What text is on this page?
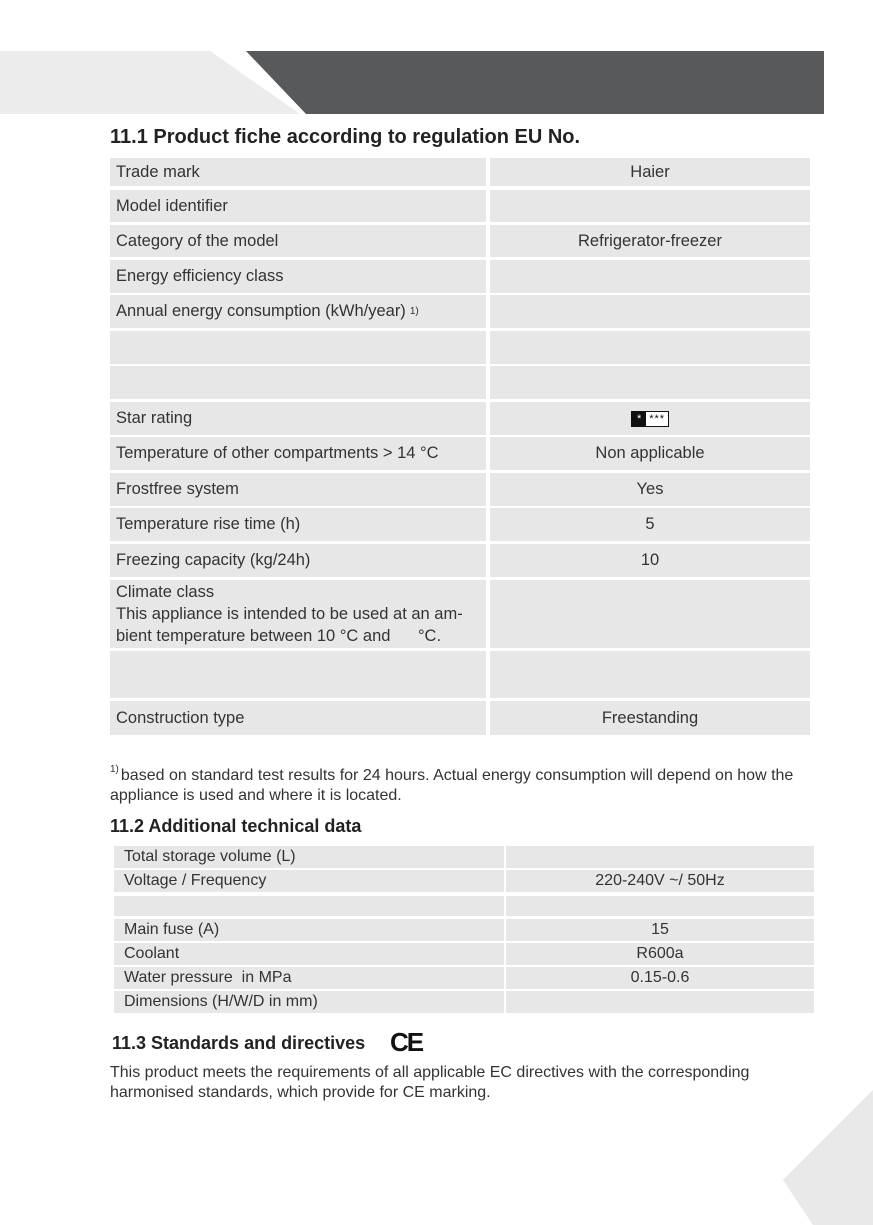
11.1 Product fiche according to regulation EU No.
Trade mark	Haier
Model identifier
Category of the model	Refrigerator-freezer
Energy efficiency class
Annual energy consumption (kWh/year) 1)
Star rating	* ***
Temperature of other compartments > 14 °C	Non applicable
Frostfree system	Yes
Temperature rise time (h)	5
Freezing capacity (kg/24h)	10
Climate class
This appliance is intended to be used at an am-
bient temperature between 10 °C and      °C.
Construction type	Freestanding
$^{1)}$ based on standard test results for 24 hours. Actual energy consumption will depend on how the appliance is used and where it is located.
11.2 Additional technical data
Total storage volume (L)
Voltage / Frequency	220-240V ~/ 50Hz
Main fuse (A)	15
Coolant	R600a
Water pressure  in MPa	0.15-0.6
Dimensions (H/W/D in mm)
11.3 Standards and directives CE

This product meets the requirements of all applicable EC directives with the corresponding harmonised standards, which provide for CE marking.
